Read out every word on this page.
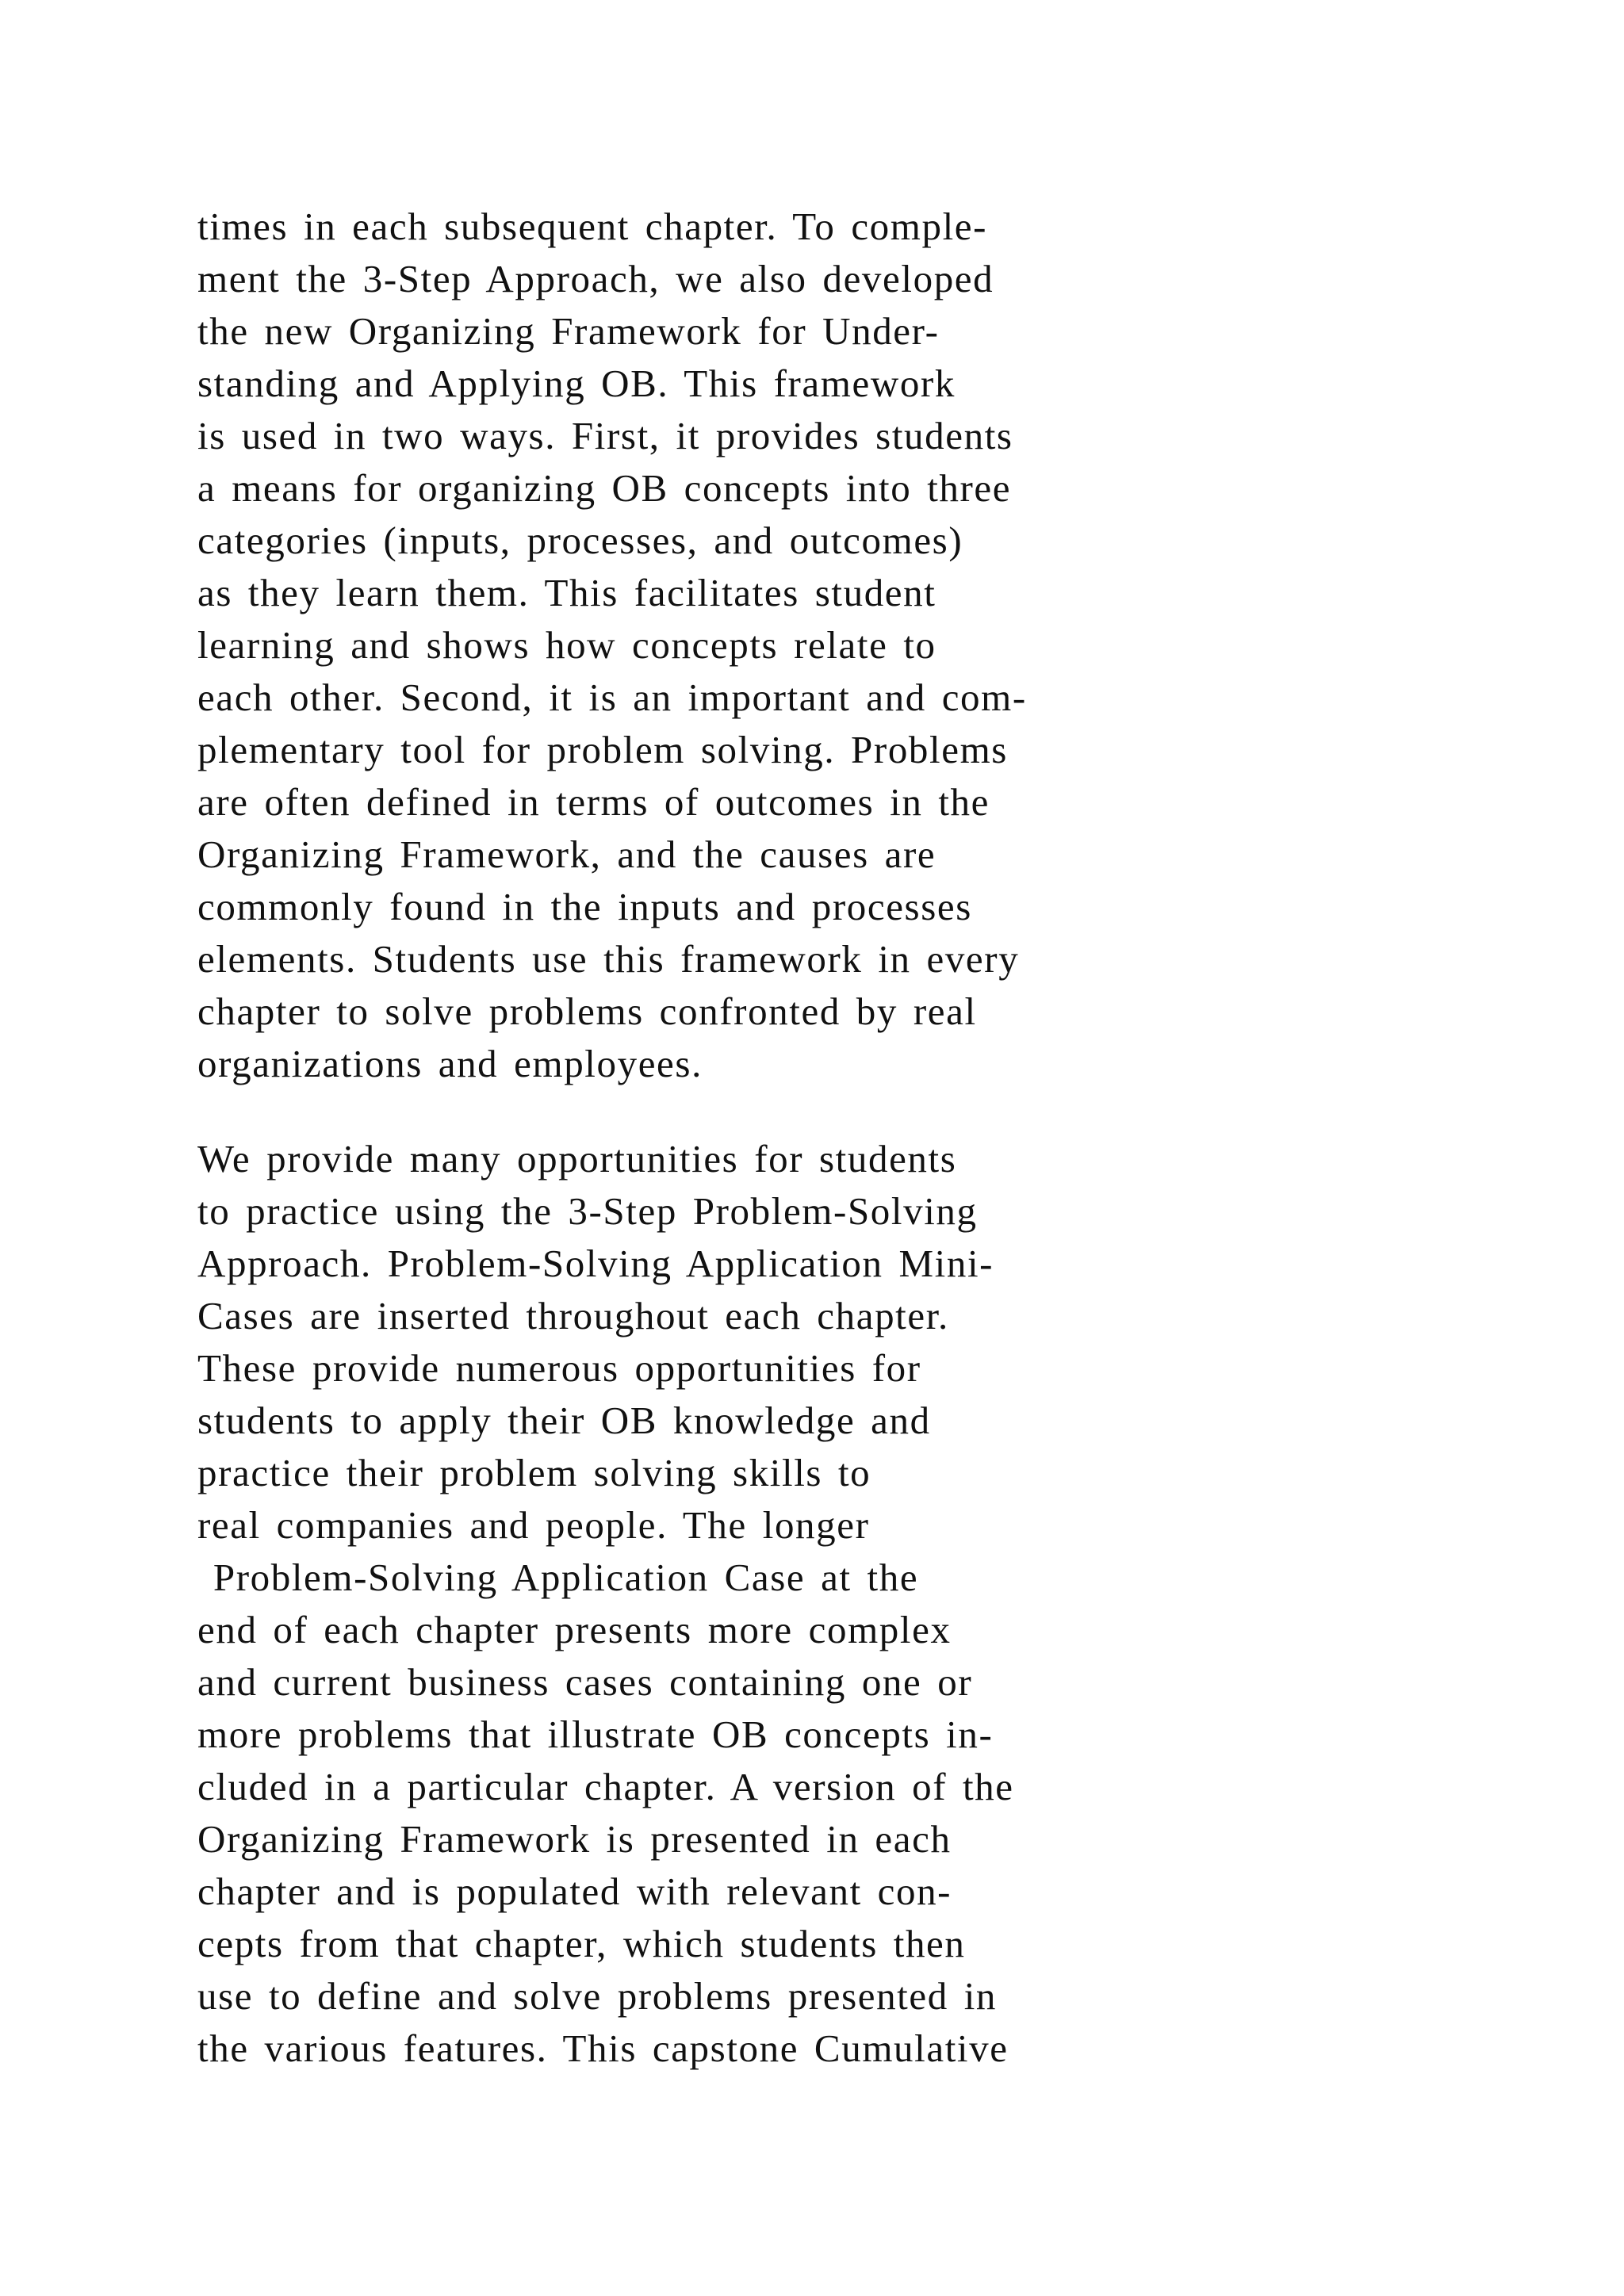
times in each subsequent chapter. To comple-
ment the 3-Step Approach, we also developed
the new Organizing Framework for Under-
standing and Applying OB. This framework
is used in two ways. First, it provides students
a means for organizing OB concepts into three
categories (inputs, processes, and outcomes)
as they learn them. This facilitates student
learning and shows how concepts relate to
each other. Second, it is an important and com-
plementary tool for problem solving. Problems
are often defined in terms of outcomes in the
Organizing Framework, and the causes are
commonly found in the inputs and processes
elements. Students use this framework in every
chapter to solve problems confronted by real
organizations and employees.
We provide many opportunities for students
to practice using the 3-Step Problem-Solving
Approach. Problem-Solving Application Mini-
Cases are inserted throughout each chapter.
These provide numerous opportunities for
students to apply their OB knowledge and
practice their problem solving skills to
real companies and people. The longer
Problem-Solving Application Case at the
end of each chapter presents more complex
and current business cases containing one or
more problems that illustrate OB concepts in-
cluded in a particular chapter. A version of the
Organizing Framework is presented in each
chapter and is populated with relevant con-
cepts from that chapter, which students then
use to define and solve problems presented in
the various features. This capstone Cumulative
